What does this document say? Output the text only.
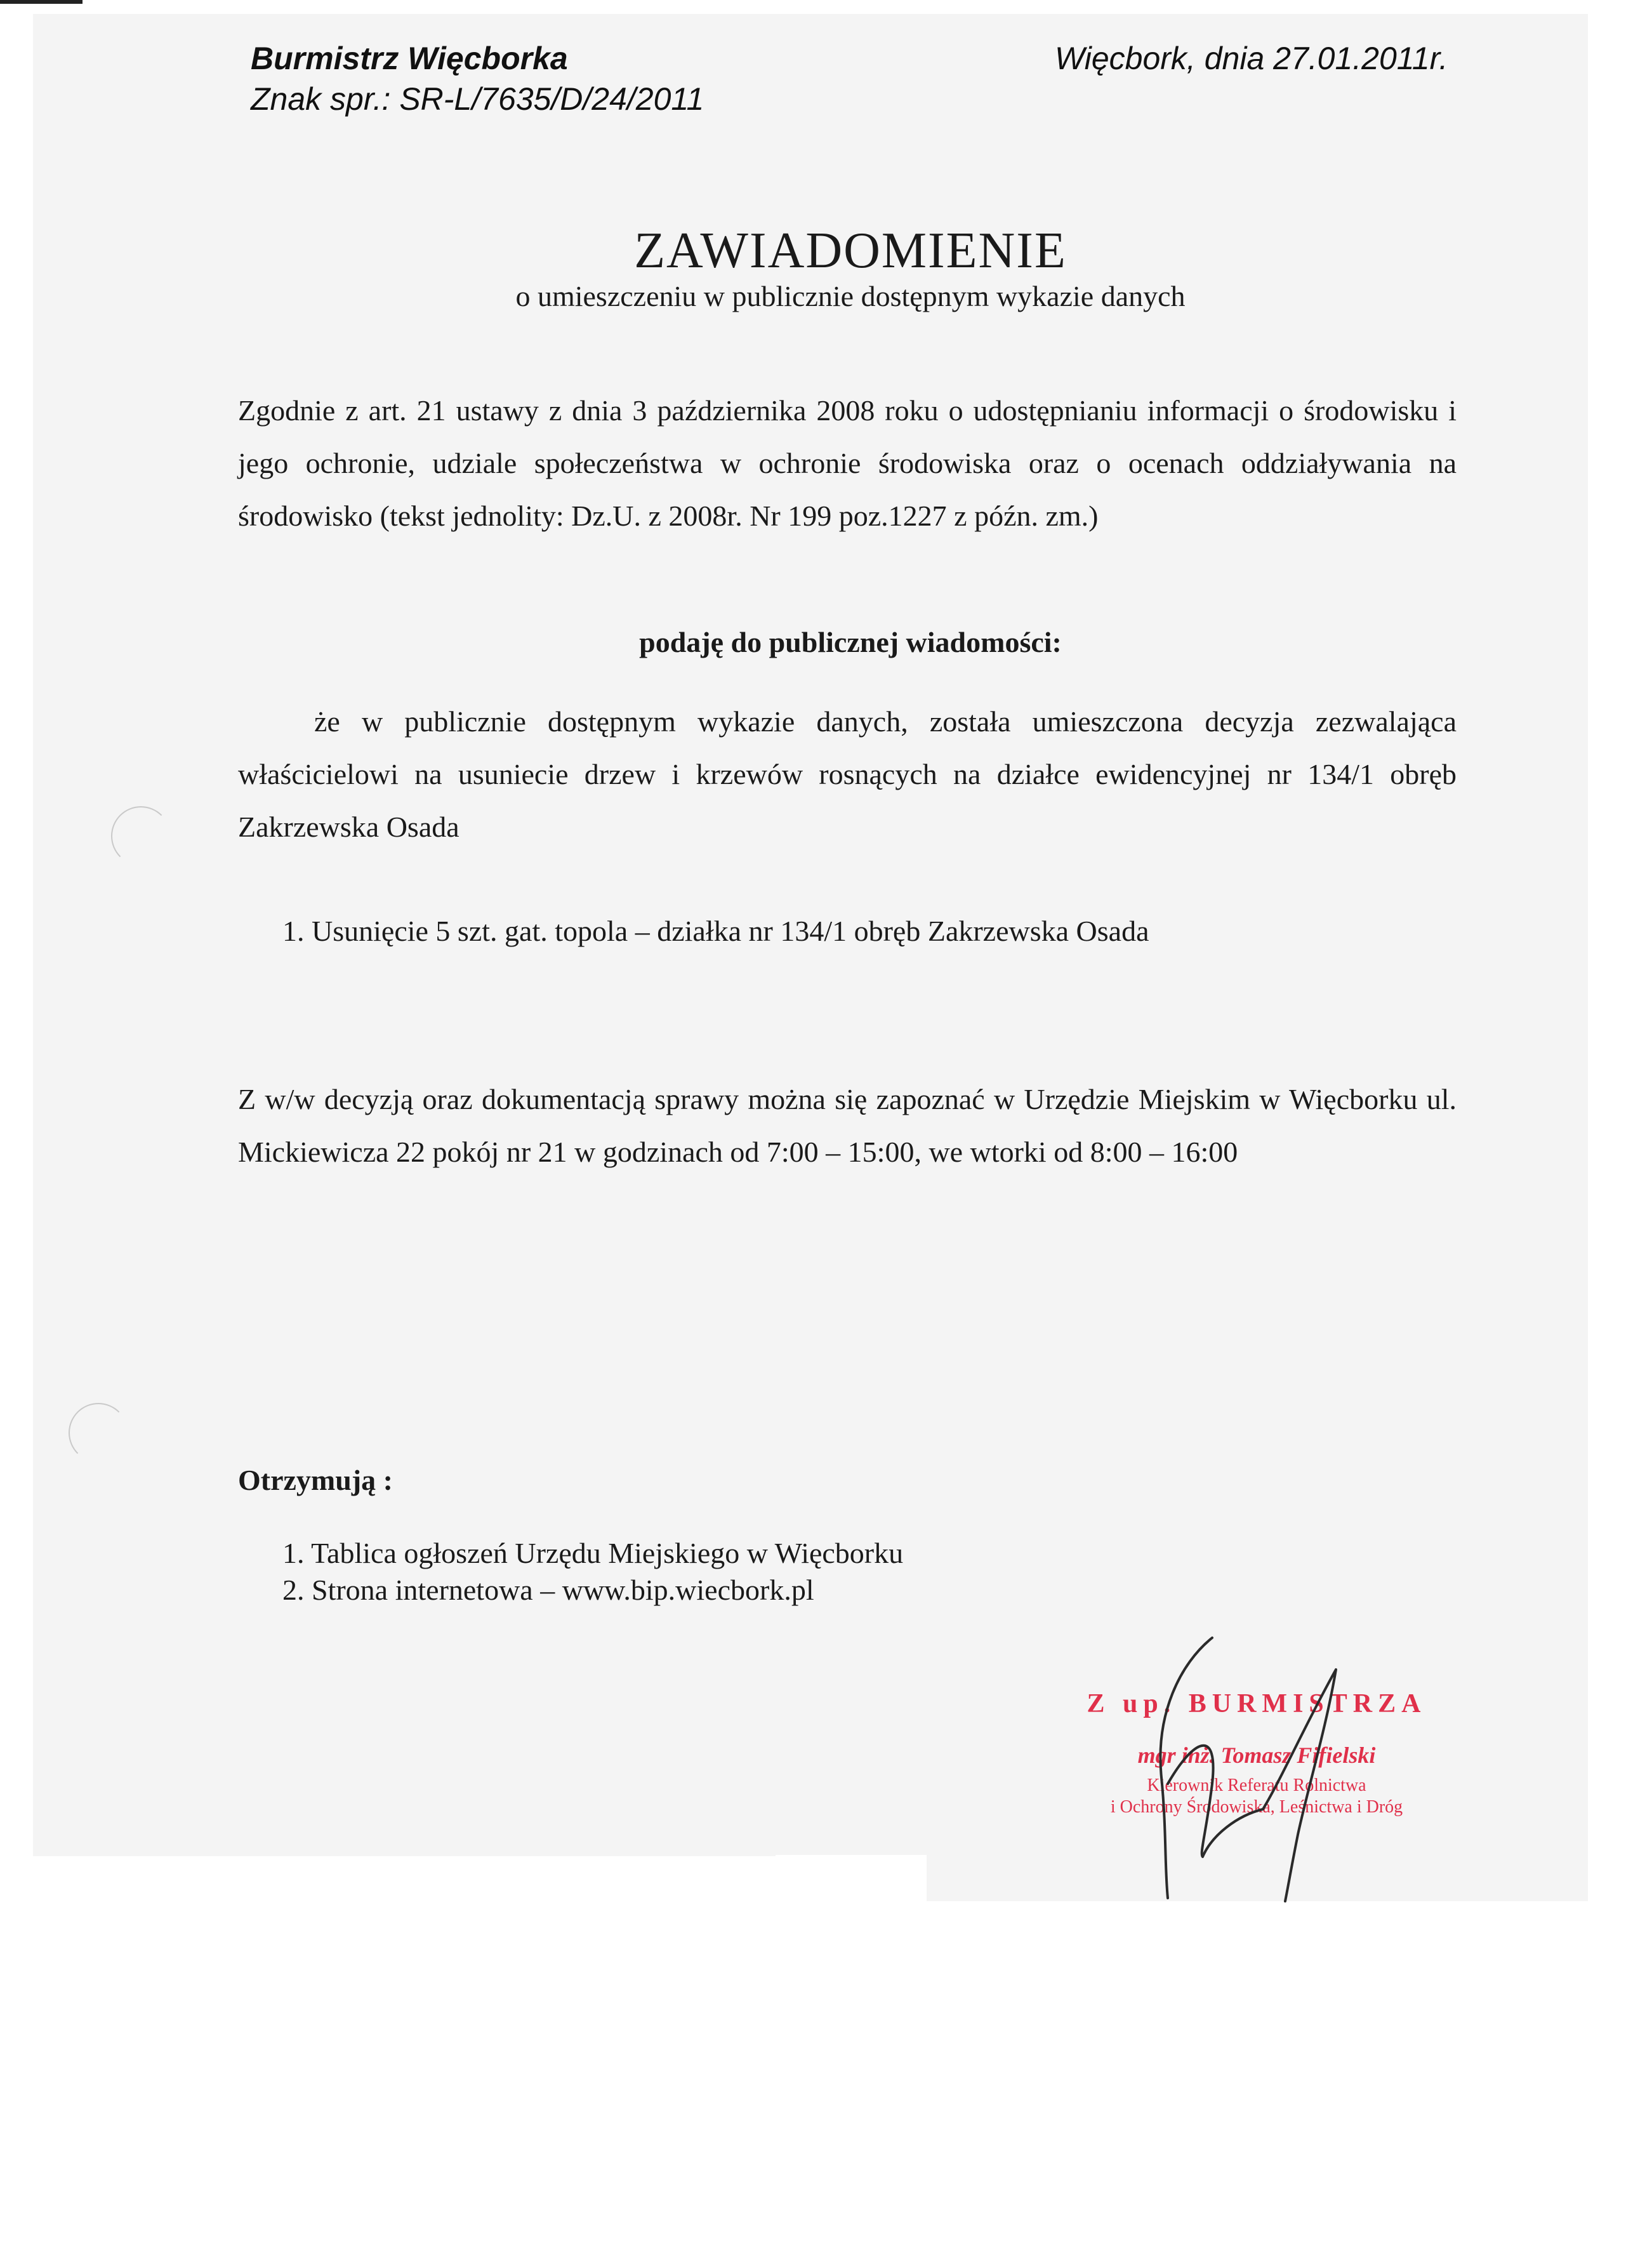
Burmistrz Więcborka
Znak spr.: SR-L/7635/D/24/2011
Więcbork, dnia 27.01.2011r.
ZAWIADOMIENIE
o umieszczeniu w publicznie dostępnym wykazie danych
Zgodnie z art. 21 ustawy z dnia 3 października 2008 roku o udostępnianiu informacji o środowisku i jego ochronie, udziale społeczeństwa w ochronie środowiska oraz o ocenach oddziaływania na środowisko (tekst jednolity: Dz.U. z 2008r. Nr 199 poz.1227 z późn. zm.)
podaję do publicznej wiadomości:
że w publicznie dostępnym wykazie danych, została umieszczona decyzja zezwalająca właścicielowi na usuniecie drzew i krzewów rosnących na działce ewidencyjnej nr 134/1 obręb Zakrzewska Osada
1. Usunięcie 5 szt. gat. topola – działka nr 134/1 obręb Zakrzewska Osada
Z w/w decyzją oraz dokumentacją sprawy można się zapoznać w Urzędzie Miejskim w Więcborku ul. Mickiewicza 22 pokój nr 21 w godzinach od 7:00 – 15:00, we wtorki od 8:00 – 16:00
Otrzymują :
1. Tablica ogłoszeń Urzędu Miejskiego w Więcborku
2. Strona internetowa – www.bip.wiecbork.pl
Z up. BURMISTRZA
mgr inż. Tomasz Fifielski
Kierownik Referatu Rolnictwa
i Ochrony Środowiska, Leśnictwa i Dróg
